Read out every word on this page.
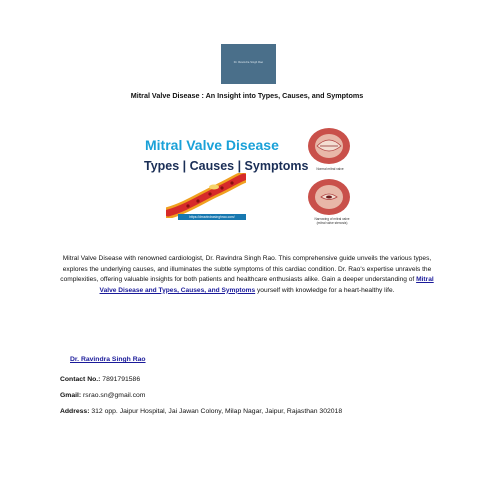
Dr. Ravindra Singh Rao
Mitral Valve Disease : An Insight into Types, Causes, and Symptoms
Mitral Valve Disease
Types | Causes | Symptoms
https://drravindrasinghrao.com/
Normal mitral valve
Narrowing of mitral valve (mitral valve stenosis)
Mitral Valve Disease with renowned cardiologist, Dr. Ravindra Singh Rao. This comprehensive guide unveils the various types, explores the underlying causes, and illuminates the subtle symptoms of this cardiac condition. Dr. Rao's expertise unravels the complexities, offering valuable insights for both patients and healthcare enthusiasts alike. Gain a deeper understanding of Mitral Valve Disease and Types, Causes, and Symptoms yourself with knowledge for a heart-healthy life.
Dr. Ravindra Singh Rao
Contact No.: 7891791586
Gmail: rsrao.sn@gmail.com
Address: 312 opp. Jaipur Hospital, Jai Jawan Colony, Milap Nagar, Jaipur, Rajasthan 302018
